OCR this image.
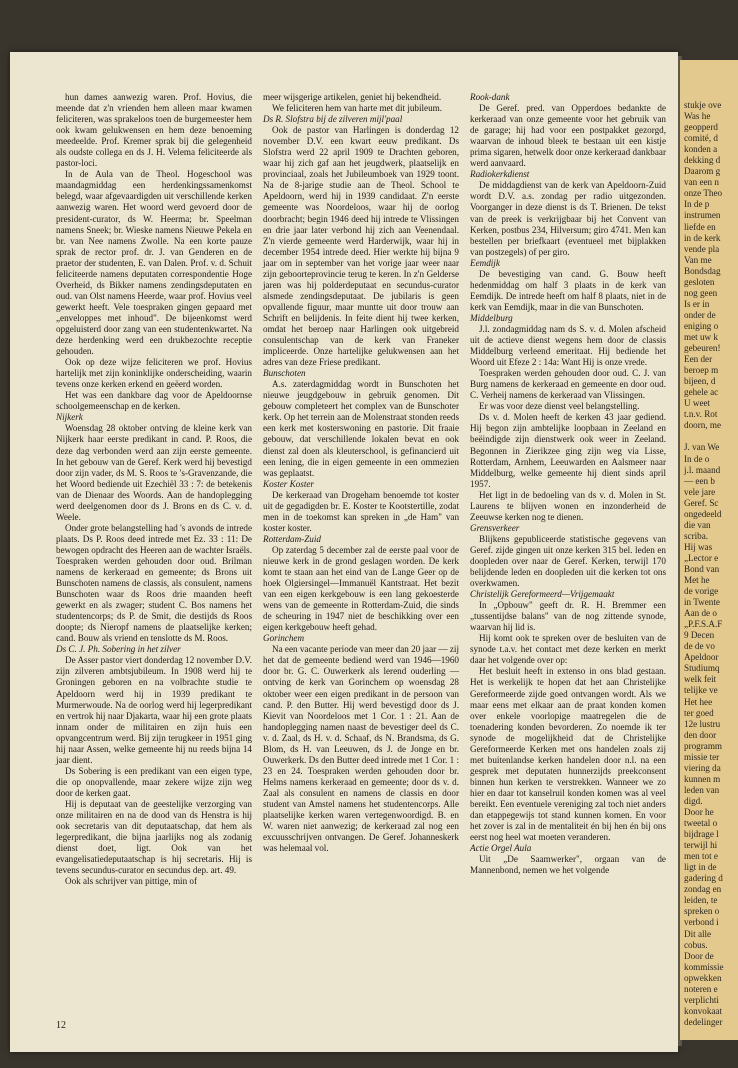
hun dames aanwezig waren. Prof. Hovius, die meende dat z'n vrienden hem alleen maar kwamen feliciteren, was sprakeloos toen de burgemeester hem ook kwam gelukwensen en hem deze benoeming meedeelde. Prof. Kremer sprak bij die gelegenheid als oudste collega en ds J. H. Velema feliciteerde als pastor-loci.

In de Aula van de Theol. Hogeschool was maandagmiddag een herdenkingssamenkomst belegd, waar afgevaardigden uit verschillende kerken aanwezig waren. Het woord werd gevoerd door de president-curator, ds W. Heerma; br. Speelman namens Sneek; br. Wieske namens Nieuwe Pekela en br. van Nee namens Zwolle. Na een korte pauze sprak de rector prof. dr. J. van Genderen en de praetor der studenten, E. van Dalen. Prof. v. d. Schuit feliciteerde namens deputaten correspondentie Hoge Overheid, ds Bikker namens zendingsdeputaten en oud. van Olst namens Heerde, waar prof. Hovius veel gewerkt heeft. Vele toespraken gingen gepaard met „enveloppes met inhoud". De bijeenkomst werd opgeluisterd door zang van een studentenkwartet. Na deze herdenking werd een drukbezochte receptie gehouden.

Ook op deze wijze feliciteren we prof. Hovius hartelijk met zijn koninklijke onderscheiding, waarin tevens onze kerken erkend en geëerd worden.

Het was een dankbare dag voor de Apeldoornse schoolgemeenschap en de kerken.

Nijkerk

Woensdag 28 oktober ontving de kleine kerk van Nijkerk haar eerste predikant in cand. P. Roos, die deze dag verbonden werd aan zijn eerste gemeente. In het gebouw van de Geref. Kerk werd hij bevestigd door zijn vader, ds M. S. Roos te 's-Gravenzande, die het Woord bediende uit Ezechiël 33 : 7: de betekenis van de Dienaar des Woords. Aan de handoplegging werd deelgenomen door ds J. Brons en ds C. v. d. Weele.

Onder grote belangstelling had 's avonds de intrede plaats. Ds P. Roos deed intrede met Ez. 33 : 11: De bewogen opdracht des Heeren aan de wachter Israëls. Toespraken werden gehouden door oud. Brilman namens de kerkeraad en gemeente; ds Brons uit Bunschoten namens de classis, als consulent, namens Bunschoten waar ds Roos drie maanden heeft gewerkt en als zwager; student C. Bos namens het studentencorps; ds P. de Smit, die destijds ds Roos doopte; ds Nieropf namens de plaatselijke kerken; cand. Bouw als vriend en tenslotte ds M. Roos.

Ds C. J. Ph. Sobering in het zilver

De Asser pastor viert donderdag 12 november D.V. zijn zilveren ambtsjubileum. In 1908 werd hij te Groningen geboren en na volbrachte studie te Apeldoorn werd hij in 1939 predikant te Murmerwoude. Na de oorlog werd hij legerpredikant en vertrok hij naar Djakarta, waar hij een grote plaats innam onder de militairen en zijn huis een opvangcentrum werd. Bij zijn terugkeer in 1951 ging hij naar Assen, welke gemeente hij nu reeds bijna 14 jaar dient.

Ds Sobering is een predikant van een eigen type, die op onopvallende, maar zekere wijze zijn weg door de kerken gaat.

Hij is deputaat van de geestelijke verzorging van onze militairen en na de dood van ds Henstra is hij ook secretaris van dit deputaatschap, dat hem als legerpredikant, die bijna jaarlijks nog als zodanig dienst doet, ligt. Ook van het evangelisatiedeputaatschap is hij secretaris. Hij is tevens secundus-curator en secundus dep. art. 49.

Ook als schrijver van pittige, min of

meer wijsgerige artikelen, geniet hij bekendheid.

We feliciteren hem van harte met dit jubileum.

Ds R. Slofstra bij de zilveren mijl'paal

Ook de pastor van Harlingen is donderdag 12 november D.V. een kwart eeuw predikant. Ds Slofstra werd 22 april 1909 te Drachten geboren, waar hij zich gaf aan het jeugdwerk, plaatselijk en provinciaal, zoals het Jubileumboek van 1929 toont. Na de 8-jarige studie aan de Theol. School te Apeldoorn, werd hij in 1939 candidaat. Z'n eerste gemeente was Noordeloos, waar hij de oorlog doorbracht; begin 1946 deed hij intrede te Vlissingen en drie jaar later verbond hij zich aan Veenendaal. Z'n vierde gemeente werd Harderwijk, waar hij in december 1954 intrede deed. Hier werkte hij bijna 9 jaar om in september van het vorige jaar weer naar zijn geboorteprovincie terug te keren. In z'n Gelderse jaren was hij polderdeputaat en secundus-curator alsmede zendingsdeputaat. De jubilaris is geen opvallende figuur, maar muntte uit door trouw aan Schrift en belijdenis. In feite dient hij twee kerken, omdat het beroep naar Harlingen ook uitgebreid consulentschap van de kerk van Franeker impliceerde. Onze hartelijke gelukwensen aan het adres van deze Friese predikant.

Bunschoten

A.s. zaterdagmiddag wordt in Bunschoten het nieuwe jeugdgebouw in gebruik genomen. Dit gebouw completeert het complex van de Bunschoter kerk. Op het terrein aan de Molenstraat stonden reeds een kerk met kosterswoning en pastorie. Dit fraaie gebouw, dat verschillende lokalen bevat en ook dienst zal doen als kleuterschool, is gefinancierd uit een lening, die in eigen gemeente in een ommezien was geplaatst.

Koster Koster

De kerkeraad van Drogeham benoemde tot koster uit de gegadigden br. E. Koster te Kootstertille, zodat men in de toekomst kan spreken in „de Ham" van koster koster.

Rotterdam-Zuid

Op zaterdag 5 december zal de eerste paal voor de nieuwe kerk in de grond geslagen worden. De kerk komt te staan aan het eind van de Lange Geer op de hoek Olgiersingel—Immanuël Kantstraat. Het bezit van een eigen kerkgebouw is een lang gekoesterde wens van de gemeente in Rotterdam-Zuid, die sinds de scheuring in 1947 niet de beschikking over een eigen kerkgebouw heeft gehad.

Gorinchem

Na een vacante periode van meer dan 20 jaar — zij het dat de gemeente bediend werd van 1946—1960 door br. G. C. Ouwerkerk als lerend ouderling — ontving de kerk van Gorinchem op woensdag 28 oktober weer een eigen predikant in de persoon van cand. P. den Butter. Hij werd bevestigd door ds J. Kievit van Noordeloos met 1 Cor. 1 : 21. Aan de handoplegging namen naast de bevestiger deel ds C. v. d. Zaal, ds H. v. d. Schaaf, ds N. Brandsma, ds G. Blom, ds H. van Leeuwen, ds J. de Jonge en br. Ouwerkerk. Ds den Butter deed intrede met 1 Cor. 1 : 23 en 24. Toespraken werden gehouden door br. Helms namens kerkeraad en gemeente; door ds v. d. Zaal als consulent en namens de classis en door student van Amstel namens het studentencorps. Alle plaatselijke kerken waren vertegenwoordigd. B. en W. waren niet aanwezig; de kerkeraad zal nog een excuusschrijven ontvangen. De Geref. Johanneskerk was helemaal vol.

Rook-dank

De Geref. pred. van Opperdoes bedankte de kerkeraad van onze gemeente voor het gebruik van de garage; hij had voor een postpakket gezorgd, waarvan de inhoud bleek te bestaan uit een kistje prima sigaren, hetwelk door onze kerkeraad dankbaar werd aanvaard.

Radiokerkdienst

De middagdienst van de kerk van Apeldoorn-Zuid wordt D.V. a.s. zondag per radio uitgezonden. Voorganger in deze dienst is ds T. Brienen. De tekst van de preek is verkrijgbaar bij het Convent van Kerken, postbus 234, Hilversum; giro 4741. Men kan bestellen per briefkaart (eventueel met bijplakken van postzegels) of per giro.

Eemdijk

De bevestiging van cand. G. Bouw heeft hedenmiddag om half 3 plaats in de kerk van Eemdijk. De intrede heeft om half 8 plaats, niet in de kerk van Eemdijk, maar in die van Bunschoten.

Middelburg

J.l. zondagmiddag nam ds S. v. d. Molen afscheid uit de actieve dienst wegens hem door de classis Middelburg verleend emeritaat. Hij bediende het Woord uit Efeze 2 : 14a: Want Hij is onze vrede.

Toespraken werden gehouden door oud. C. J. van Burg namens de kerkeraad en gemeente en door oud. C. Verheij namens de kerkeraad van Vlissingen.

Er was voor deze dienst veel belangstelling.

Ds v. d. Molen heeft de kerken 43 jaar gediend. Hij begon zijn ambtelijke loopbaan in Zeeland en beëindigde zijn dienstwerk ook weer in Zeeland. Begonnen in Zierikzee ging zijn weg via Lisse, Rotterdam, Arnhem, Leeuwarden en Aalsmeer naar Middelburg, welke gemeente hij dient sinds april 1957.

Het ligt in de bedoeling van ds v. d. Molen in St. Laurens te blijven wonen en inzonderheid de Zeeuwse kerken nog te dienen.

Grensverkeer

Blijkens gepubliceerde statistische gegevens van Geref. zijde gingen uit onze kerken 315 bel. leden en doopleden over naar de Geref. Kerken, terwijl 170 belijdende leden en doopleden uit die kerken tot ons overkwamen.

Christelijk Gereformeerd—Vrijgemaakt

In „Opbouw" geeft dr. R. H. Bremmer een „tussentijdse balans" van de nog zittende synode, waarvan hij lid is.

Hij komt ook te spreken over de besluiten van de synode t.a.v. het contact met deze kerken en merkt daar het volgende over op:

Het besluit heeft in extenso in ons blad gestaan. Het is werkelijk te hopen dat het aan Christelijke Gereformeerde zijde goed ontvangen wordt. Als we maar eens met elkaar aan de praat konden komen over enkele voorlopige maatregelen die de toenadering konden bevorderen. Zo noemde ik ter synode de mogelijkheid dat de Christelijke Gereformeerde Kerken met ons handelen zoals zij met buitenlandse kerken handelen door n.l. na een gesprek met deputaten hunnerzijds preekconsent binnen hun kerken te verstrekken. Wanneer we zo hier en daar tot kanselruil konden komen was al veel bereikt. Een eventuele vereniging zal toch niet anders dan etappegewijs tot stand kunnen komen. En voor het zover is zal in de mentaliteit én bij hen én bij ons eerst nog heel wat moeten veranderen.

Actie Orgel Aula

Uit „De Saamwerker", orgaan van de Mannenbond, nemen we het volgende

12
stukje ove
Was he
geopperd
comité, d
konden a
dekking d
Daarom g
van een n
onze Theo
In de p
instrumen
liefde en
in de kerk
vende pla
Van me
Bondsdag
gesloten
nog geen
Is er in
onder de
eniging o
met uw k
gebeuren!
Een der
beroep m
bijeen, d
gehele ac
U weet
t.n.v. Rot
doorn, me
J. van We
In de o
j.l. maand
— een b
vele jare
Geref. Sc
ongedeeld
die van
scriba.
Hij was
„Lector e
Bond van
Met he
de vorige
in Twente
Aan de o
„P.F.S.A.F
9 Decen
de de vo
Apeldoor
Studiumq
welk feit
telijke ve
Het hee
ter goed
12e lustru
den door
programm
missie ter
viering da
kunnen m
leden van
digd.
Door he
tweetal o
bijdrage l
terwijl hi
men tot e
ligt in de
gadering d
zondag en
leiden, te
spreken o
verbond i
Dit alle
cobus.
Door de
kommissie
opwekken
noteren e
verplichti
konvokaat
dedelinger
